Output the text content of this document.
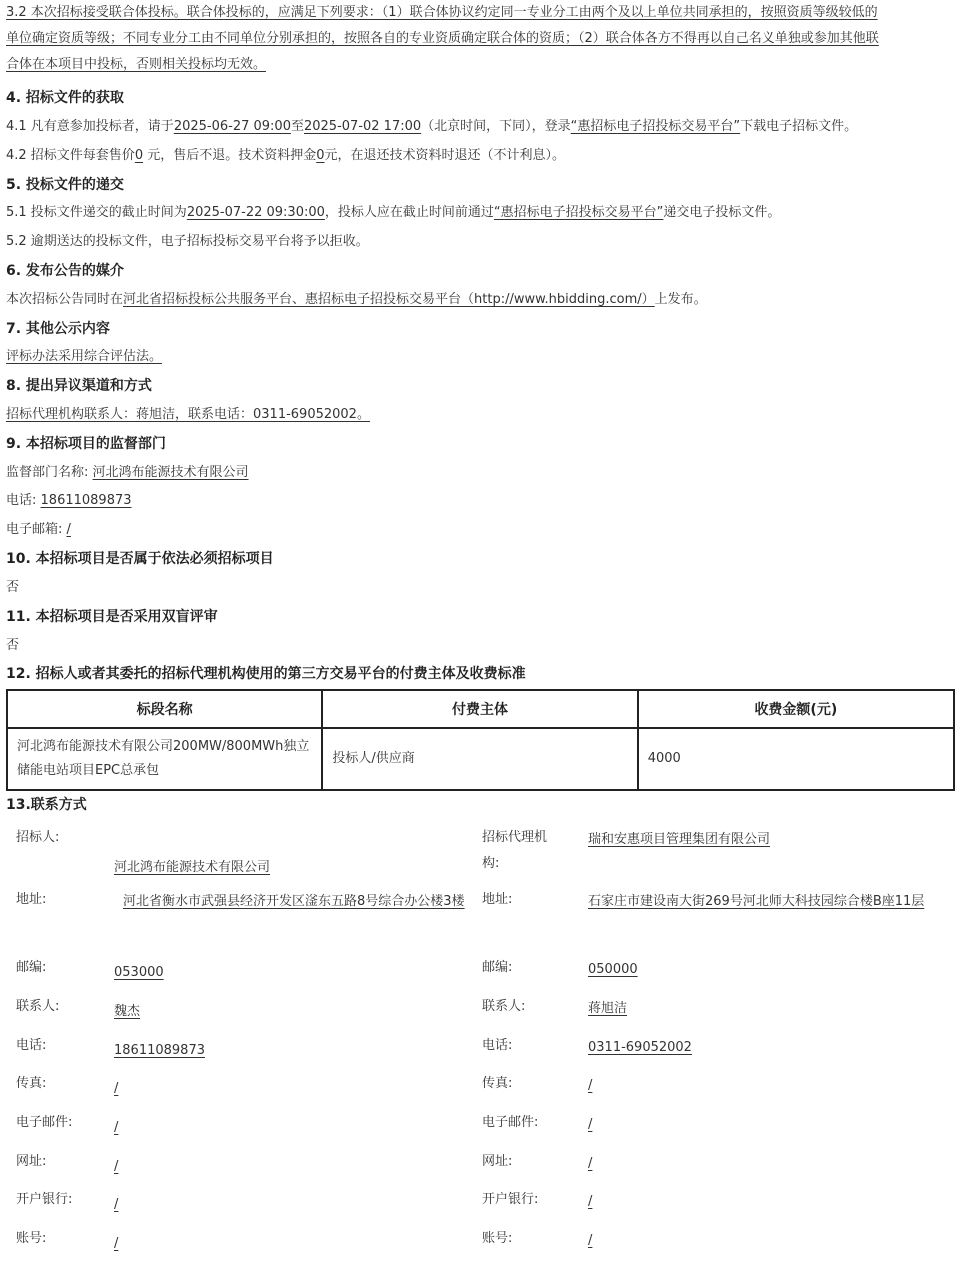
3.2 本次招标接受联合体投标。联合体投标的，应满足下列要求：（1）联合体协议约定同一专业分工由两个及以上单位共同承担的，按照资质等级较低的
单位确定资质等级；不同专业分工由不同单位分别承担的，按照各自的专业资质确定联合体的资质；（2）联合体各方不得再以自己名义单独或参加其他联
合体在本项目中投标，否则相关投标均无效。
4. 招标文件的获取
4.1 凡有意参加投标者，请于2025-06-27 09:00至2025-07-02 17:00（北京时间，下同），登录“惠招标电子招投标交易平台”下载电子招标文件。
4.2 招标文件每套售价0 元，售后不退。技术资料押金0元，在退还技术资料时退还（不计利息）。
5. 投标文件的递交
5.1 投标文件递交的截止时间为2025-07-22 09:30:00，投标人应在截止时间前通过“惠招标电子招投标交易平台”递交电子投标文件。
5.2 逾期送达的投标文件，电子招标投标交易平台将予以拒收。
6. 发布公告的媒介
本次招标公告同时在河北省招标投标公共服务平台、惠招标电子招投标交易平台（http://www.hbidding.com/）上发布。
7. 其他公示内容
评标办法采用综合评估法。
8. 提出异议渠道和方式
招标代理机构联系人：蒋旭洁，联系电话：0311-69052002。
9. 本招标项目的监督部门
监督部门名称: 河北鸿布能源技术有限公司
电话: 18611089873
电子邮箱: /
10. 本招标项目是否属于依法必须招标项目
否
11. 本招标项目是否采用双盲评审
否
12. 招标人或者其委托的招标代理机构使用的第三方交易平台的付费主体及收费标准
标段名称	付费主体	收费金额(元)
河北鸿布能源技术有限公司200MW/800MWh独立储能电站项目EPC总承包	投标人/供应商	4000
13.联系方式
招标人:
河北鸿布能源技术有限公司
地址:	河北省衡水市武强县经济开发区滏东五路8号综合办公楼3楼
邮编:	053000
联系人:	魏杰
电话:	18611089873
传真:	/
电子邮件:	/
网址:	/
开户银行:	/
账号:	/
招标代理机构:
瑞和安惠项目管理集团有限公司
地址:	石家庄市建设南大街269号河北师大科技园综合楼B座11层
邮编:	050000
联系人:	蒋旭洁
电话:	0311-69052002
传真:	/
电子邮件:	/
网址:	/
开户银行:	/
账号:	/
